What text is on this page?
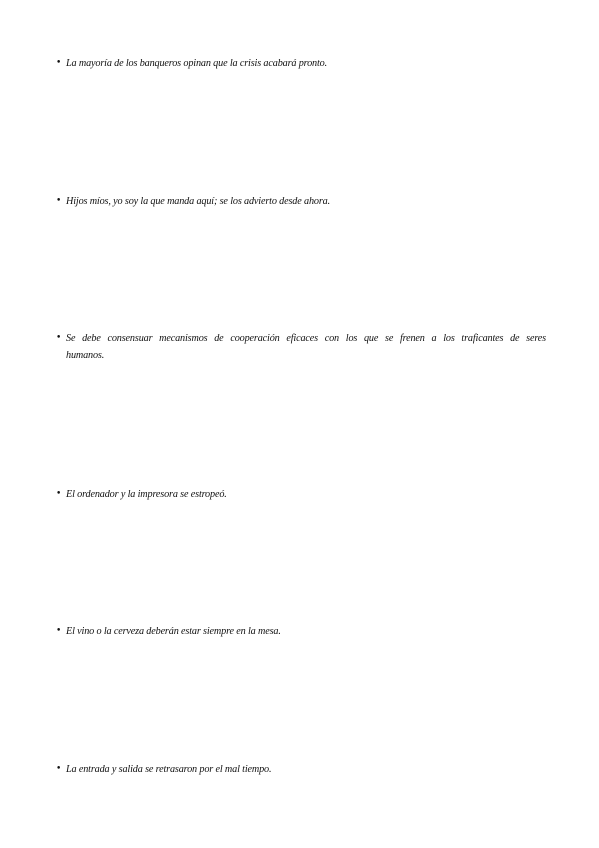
• La mayoría de los banqueros opinan que la crisis acabará pronto.
• Hijos míos, yo soy la que manda aquí; se los advierto desde ahora.
• Se debe consensuar mecanismos de cooperación eficaces con los que se frenen a los traficantes de seres humanos.
• El ordenador y la impresora se estropeó.
• El vino o la cerveza deberán estar siempre en la mesa.
• La entrada y salida se retrasaron por el mal tiempo.
